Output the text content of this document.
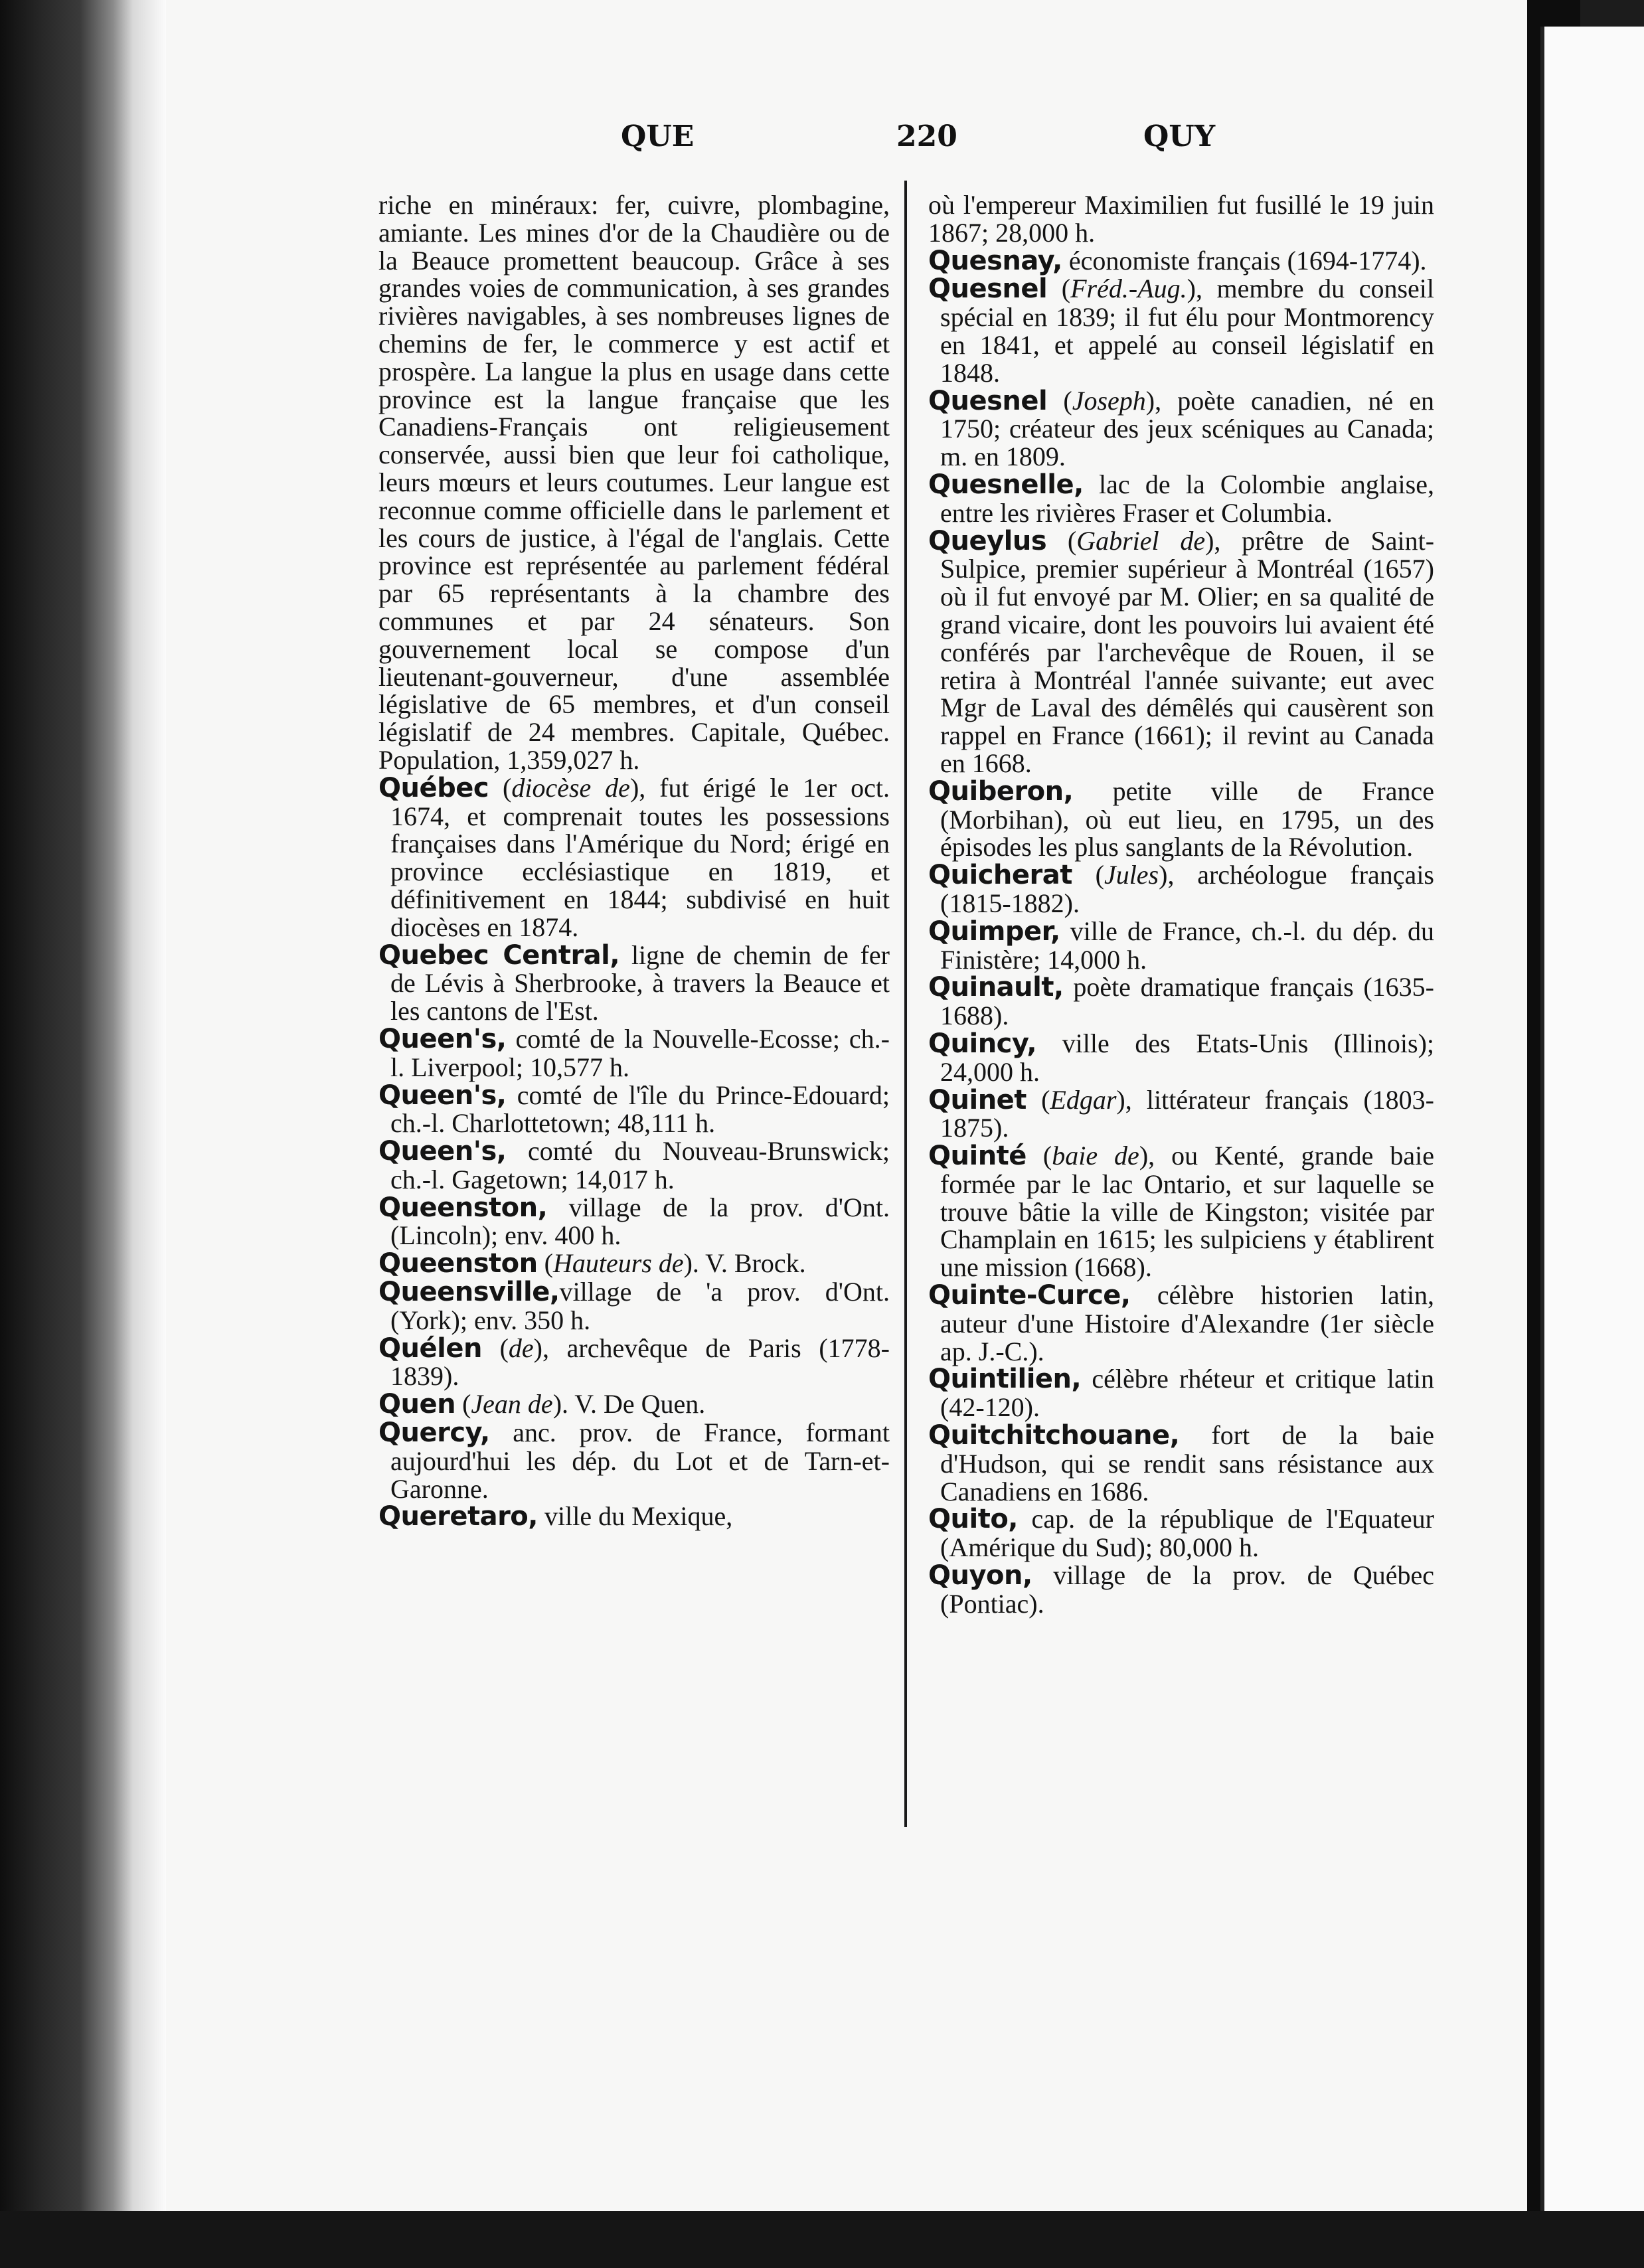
QUE	220	QUY

riche en minéraux: fer, cuivre, plombagine, amiante. Les mines d'or de la Chaudière ou de la Beauce promettent beaucoup. Grâce à ses grandes voies de communication, à ses grandes rivières navigables, à ses nombreuses lignes de chemins de fer, le commerce y est actif et prospère. La langue la plus en usage dans cette province est la langue française que les Canadiens-Français ont religieusement conservée, aussi bien que leur foi catholique, leurs mœurs et leurs coutumes. Leur langue est reconnue comme officielle dans le parlement et les cours de justice, à l'égal de l'anglais. Cette province est représentée au parlement fédéral par 65 représentants à la chambre des communes et par 24 sénateurs. Son gouvernement local se compose d'un lieutenant-gouverneur, d'une assemblée législative de 65 membres, et d'un conseil législatif de 24 membres. Capitale, Québec. Population, 1,359,027 h.

Québec (diocèse de), fut érigé le 1er oct. 1674, et comprenait toutes les possessions françaises dans l'Amérique du Nord; érigé en province ecclésiastique en 1819, et définitivement en 1844; subdivisé en huit diocèses en 1874.

Quebec Central, ligne de chemin de fer de Lévis à Sherbrooke, à travers la Beauce et les cantons de l'Est.

Queen's, comté de la Nouvelle-Ecosse; ch.-l. Liverpool; 10,577 h.

Queen's, comté de l'île du Prince-Edouard; ch.-l. Charlottetown; 48,111 h.

Queen's, comté du Nouveau-Brunswick; ch.-l. Gagetown; 14,017 h.

Queenston, village de la prov. d'Ont. (Lincoln); env. 400 h.

Queenston (Hauteurs de). V. Brock.

Queensville,village de 'a prov. d'Ont. (York); env. 350 h.

Quélen (de), archevêque de Paris (1778-1839).

Quen (Jean de). V. De Quen.

Quercy, anc. prov. de France, formant aujourd'hui les dép. du Lot et de Tarn-et-Garonne.

Queretaro, ville du Mexique,

où l'empereur Maximilien fut fusillé le 19 juin 1867; 28,000 h.

Quesnay, économiste français (1694-1774).

Quesnel (Fréd.-Aug.), membre du conseil spécial en 1839; il fut élu pour Montmorency en 1841, et appelé au conseil législatif en 1848.

Quesnel (Joseph), poète canadien, né en 1750; créateur des jeux scéniques au Canada; m. en 1809.

Quesnelle, lac de la Colombie anglaise, entre les rivières Fraser et Columbia.

Queylus (Gabriel de), prêtre de Saint-Sulpice, premier supérieur à Montréal (1657) où il fut envoyé par M. Olier; en sa qualité de grand vicaire, dont les pouvoirs lui avaient été conférés par l'archevêque de Rouen, il se retira à Montréal l'année suivante; eut avec Mgr de Laval des démêlés qui causèrent son rappel en France (1661); il revint au Canada en 1668.

Quiberon, petite ville de France (Morbihan), où eut lieu, en 1795, un des épisodes les plus sanglants de la Révolution.

Quicherat (Jules), archéologue français (1815-1882).

Quimper, ville de France, ch.-l. du dép. du Finistère; 14,000 h.

Quinault, poète dramatique français (1635-1688).

Quincy, ville des Etats-Unis (Illinois); 24,000 h.

Quinet (Edgar), littérateur français (1803-1875).

Quinté (baie de), ou Kenté, grande baie formée par le lac Ontario, et sur laquelle se trouve bâtie la ville de Kingston; visitée par Champlain en 1615; les sulpiciens y établirent une mission (1668).

Quinte-Curce, célèbre historien latin, auteur d'une Histoire d'Alexandre (1er siècle ap. J.-C.).

Quintilien, célèbre rhéteur et critique latin (42-120).

Quitchitchouane, fort de la baie d'Hudson, qui se rendit sans résistance aux Canadiens en 1686.

Quito, cap. de la république de l'Equateur (Amérique du Sud); 80,000 h.

Quyon, village de la prov. de Québec (Pontiac).
